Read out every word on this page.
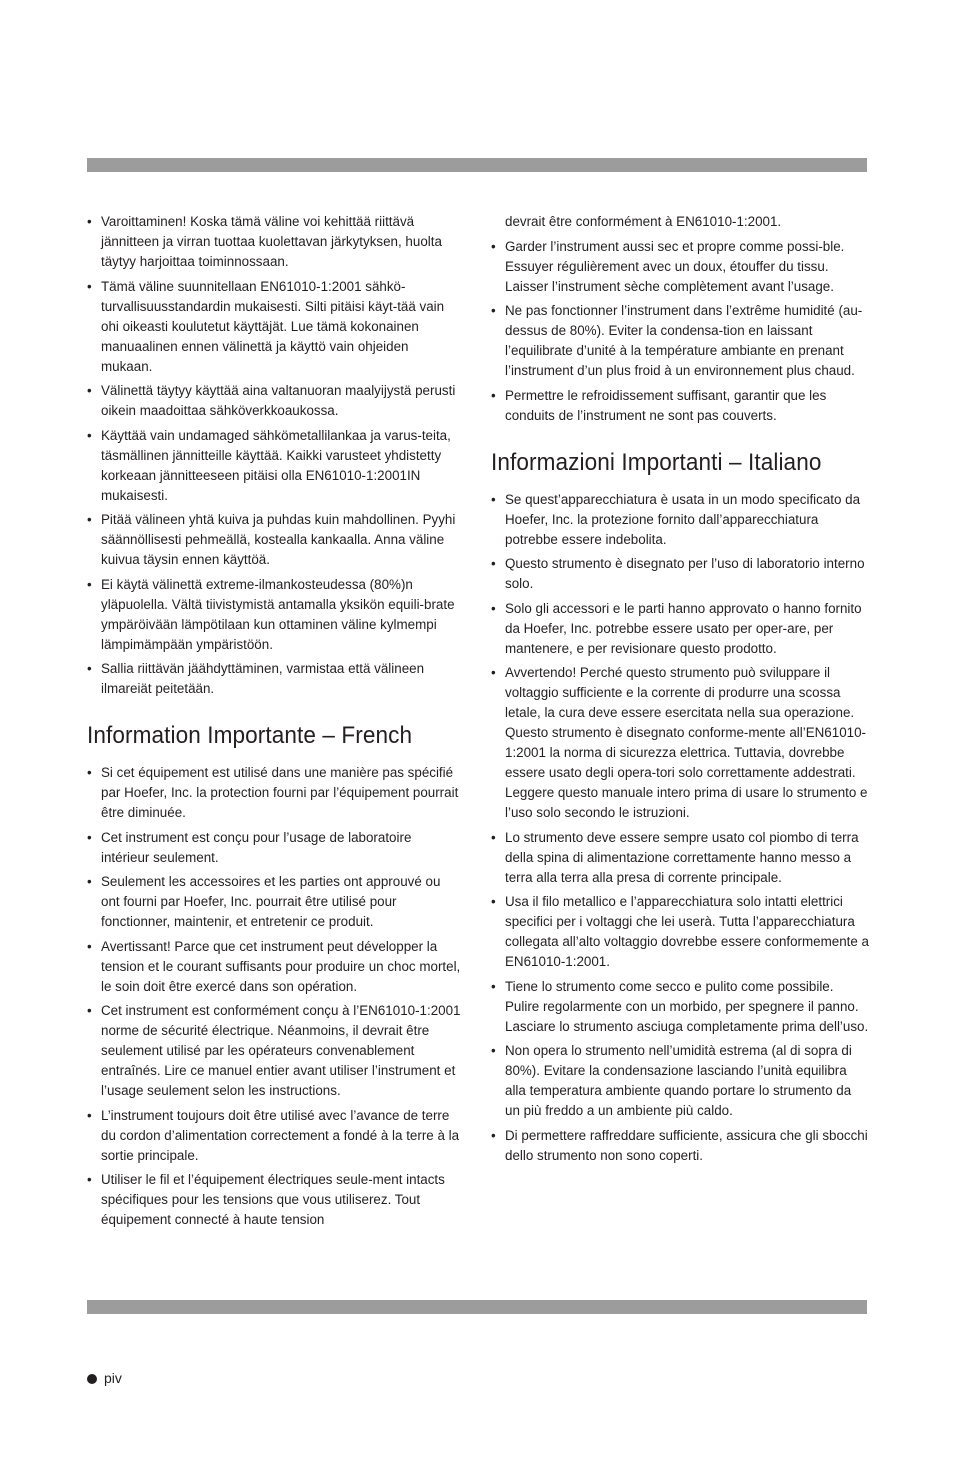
• Varoittaminen! Koska tämä väline voi kehittää riittävä jännitteen ja virran tuottaa kuolettavan järkytyksen, huolta täytyy harjoittaa toiminnossaan.
• Tämä väline suunnitellaan EN61010-1:2001 sähkö-turvallisuusstandardin mukaisesti. Silti pitäisi käyt-tää vain ohi oikeasti koulutetut käyttäjät. Lue tämä kokonainen manuaalinen ennen välinettä ja käyttö vain ohjeiden mukaan.
• Välinettä täytyy käyttää aina valtanuoran maalyijystä perusti oikein maadoittaa sähköverkkoaukossa.
• Käyttää vain undamaged sähkömetallilankaa ja varus-teita, täsmällinen jännitteille käyttää. Kaikki varusteet yhdistetty korkeaan jännitteeseen pitäisi olla EN61010-1:2001IN mukaisesti.
• Pitää välineen yhtä kuiva ja puhdas kuin mahdollinen. Pyyhi säännöllisesti pehmeällä, kostealla kankaalla. Anna väline kuivua täysin ennen käyttöä.
• Ei käytä välinettä extreme-ilmankosteudessa (80%)n yläpuolella. Vältä tiivistymistä antamalla yksikön equili-brate ympäröivään lämpötilaan kun ottaminen väline kylmempi lämpimämpään ympäristöön.
• Sallia riittävän jäähdyttäminen, varmistaa että välineen ilmareiät peitetään.
Information Importante – French
• Si cet équipement est utilisé dans une manière pas spécifié par Hoefer, Inc. la protection fourni par l’équipement pourrait être diminuée.
• Cet instrument est conçu pour l’usage de laboratoire intérieur seulement.
• Seulement les accessoires et les parties ont approuvé ou ont fourni par Hoefer, Inc. pourrait être utilisé pour fonctionner, maintenir, et entretenir ce produit.
• Avertissant! Parce que cet instrument peut développer la tension et le courant suffisants pour produire un choc mortel, le soin doit être exercé dans son opération.
• Cet instrument est conformément conçu à l’EN61010-1:2001 norme de sécurité électrique. Néanmoins, il devrait être seulement utilisé par les opérateurs convenablement entraînés. Lire ce manuel entier avant utiliser l’instrument et l’usage seulement selon les instructions.
• L’instrument toujours doit être utilisé avec l’avance de terre du cordon d’alimentation correctement a fondé à la terre à la sortie principale.
• Utiliser le fil et l’équipement électriques seule-ment intacts spécifiques pour les tensions que vous utiliserez. Tout équipement connecté à haute tension
devrait être conformément à EN61010-1:2001.
• Garder l’instrument aussi sec et propre comme possi-ble. Essuyer régulièrement avec un doux, étouffer du tissu. Laisser l’instrument sèche complètement avant l’usage.
• Ne pas fonctionner l’instrument dans l’extrême humidité (au-dessus de 80%). Eviter la condensa-tion en laissant l’equilibrate d’unité à la température ambiante en prenant l’instrument d’un plus froid à un environnement plus chaud.
• Permettre le refroidissement suffisant, garantir que les conduits de l’instrument ne sont pas couverts.
Informazioni Importanti – Italiano
• Se quest’apparecchiatura è usata in un modo specificato da Hoefer, Inc. la protezione fornito dall’apparecchiatura potrebbe essere indebolita.
• Questo strumento è disegnato per l’uso di laboratorio interno solo.
• Solo gli accessori e le parti hanno approvato o hanno fornito da Hoefer, Inc. potrebbe essere usato per oper-are, per mantenere, e per revisionare questo prodotto.
• Avvertendo! Perché questo strumento può sviluppare il voltaggio sufficiente e la corrente di produrre una scossa letale, la cura deve essere esercitata nella sua operazione. Questo strumento è disegnato conforme-mente all’EN61010-1:2001 la norma di sicurezza elettrica. Tuttavia, dovrebbe essere usato degli opera-tori solo correttamente addestrati. Leggere questo manuale intero prima di usare lo strumento e l’uso solo secondo le istruzioni.
• Lo strumento deve essere sempre usato col piombo di terra della spina di alimentazione correttamente hanno messo a terra alla terra alla presa di corrente principale.
• Usa il filo metallico e l’apparecchiatura solo intatti elettrici specifici per i voltaggi che lei userà. Tutta l’apparecchiatura collegata all’alto voltaggio dovrebbe essere conformemente a EN61010-1:2001.
• Tiene lo strumento come secco e pulito come possibile. Pulire regolarmente con un morbido, per spegnere il panno. Lasciare lo strumento asciuga completamente prima dell’uso.
• Non opera lo strumento nell’umidità estrema (al di sopra di 80%). Evitare la condensazione lasciando l’unità equilibra alla temperatura ambiente quando portare lo strumento da un più freddo a un ambiente più caldo.
• Di permettere raffreddare sufficiente, assicura che gli sbocchi dello strumento non sono coperti.
piv
